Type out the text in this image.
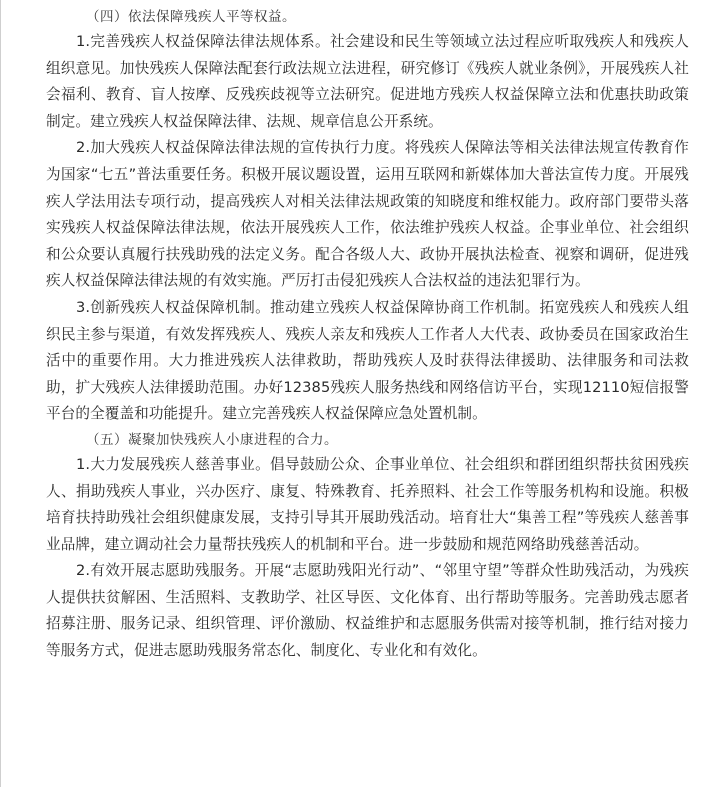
（四）依法保障残疾人平等权益。

1.完善残疾人权益保障法律法规体系。社会建设和民生等领域立法过程应听取残疾人和残疾人组织意见。加快残疾人保障法配套行政法规立法进程，研究修订《残疾人就业条例》，开展残疾人社会福利、教育、盲人按摩、反残疾歧视等立法研究。促进地方残疾人权益保障立法和优惠扶助政策制定。建立残疾人权益保障法律、法规、规章信息公开系统。

2.加大残疾人权益保障法律法规的宣传执行力度。将残疾人保障法等相关法律法规宣传教育作为国家“七五”普法重要任务。积极开展议题设置，运用互联网和新媒体加大普法宣传力度。开展残疾人学法用法专项行动，提高残疾人对相关法律法规政策的知晓度和维权能力。政府部门要带头落实残疾人权益保障法律法规，依法开展残疾人工作，依法维护残疾人权益。企事业单位、社会组织和公众要认真履行扶残助残的法定义务。配合各级人大、政协开展执法检查、视察和调研，促进残疾人权益保障法律法规的有效实施。严厉打击侵犯残疾人合法权益的违法犯罪行为。

3.创新残疾人权益保障机制。推动建立残疾人权益保障协商工作机制。拓宽残疾人和残疾人组织民主参与渠道，有效发挥残疾人、残疾人亲友和残疾人工作者人大代表、政协委员在国家政治生活中的重要作用。大力推进残疾人法律救助，帮助残疾人及时获得法律援助、法律服务和司法救助，扩大残疾人法律援助范围。办好12385残疾人服务热线和网络信访平台，实现12110短信报警平台的全覆盖和功能提升。建立完善残疾人权益保障应急处置机制。

（五）凝聚加快残疾人小康进程的合力。

1.大力发展残疾人慈善事业。倡导鼓励公众、企事业单位、社会组织和群团组织帮扶贫困残疾人、捐助残疾人事业，兴办医疗、康复、特殊教育、托养照料、社会工作等服务机构和设施。积极培育扶持助残社会组织健康发展，支持引导其开展助残活动。培育壮大“集善工程”等残疾人慈善事业品牌，建立调动社会力量帮扶残疾人的机制和平台。进一步鼓励和规范网络助残慈善活动。

2.有效开展志愿助残服务。开展“志愿助残阳光行动”、“邻里守望”等群众性助残活动，为残疾人提供扶贫解困、生活照料、支教助学、社区导医、文化体育、出行帮助等服务。完善助残志愿者招募注册、服务记录、组织管理、评价激励、权益维护和志愿服务供需对接等机制，推行结对接力等服务方式，促进志愿助残服务常态化、制度化、专业化和有效化。
